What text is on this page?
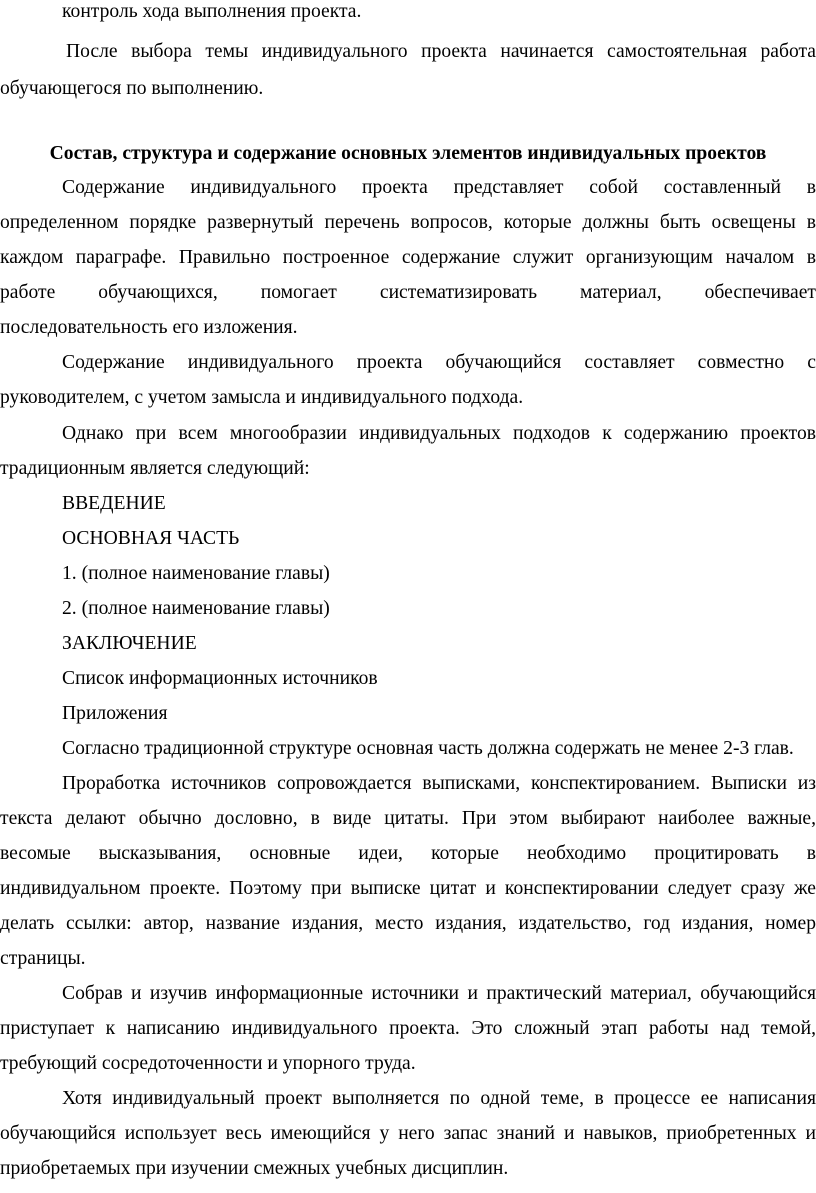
контроль хода выполнения проекта.
После выбора темы индивидуального проекта начинается самостоятельная работа
обучающегося по выполнению.
Состав, структура и содержание основных элементов индивидуальных проектов
Содержание индивидуального проекта представляет собой составленный в
определенном порядке развернутый перечень вопросов, которые должны быть освещены в
каждом параграфе. Правильно построенное содержание служит организующим началом в
работе обучающихся, помогает систематизировать материал, обеспечивает
последовательность его изложения.
Содержание индивидуального проекта обучающийся составляет совместно с
руководителем, с учетом замысла и индивидуального подхода.
Однако при всем многообразии индивидуальных подходов к содержанию проектов
традиционным является следующий:
ВВЕДЕНИЕ
ОСНОВНАЯ ЧАСТЬ
1. (полное наименование главы)
2. (полное наименование главы)
ЗАКЛЮЧЕНИЕ
Список информационных источников
Приложения
Согласно традиционной структуре основная часть должна содержать не менее 2-3 глав.
Проработка источников сопровождается выписками, конспектированием. Выписки из
текста делают обычно дословно, в виде цитаты. При этом выбирают наиболее важные,
весомые высказывания, основные идеи, которые необходимо процитировать в
индивидуальном проекте. Поэтому при выписке цитат и конспектировании следует сразу же
делать ссылки: автор, название издания, место издания, издательство, год издания, номер
страницы.
Собрав и изучив информационные источники и практический материал, обучающийся
приступает к написанию индивидуального проекта. Это сложный этап работы над темой,
требующий сосредоточенности и упорного труда.
Хотя индивидуальный проект выполняется по одной теме, в процессе ее написания
обучающийся использует весь имеющийся у него запас знаний и навыков, приобретенных и
приобретаемых при изучении смежных учебных дисциплин.
